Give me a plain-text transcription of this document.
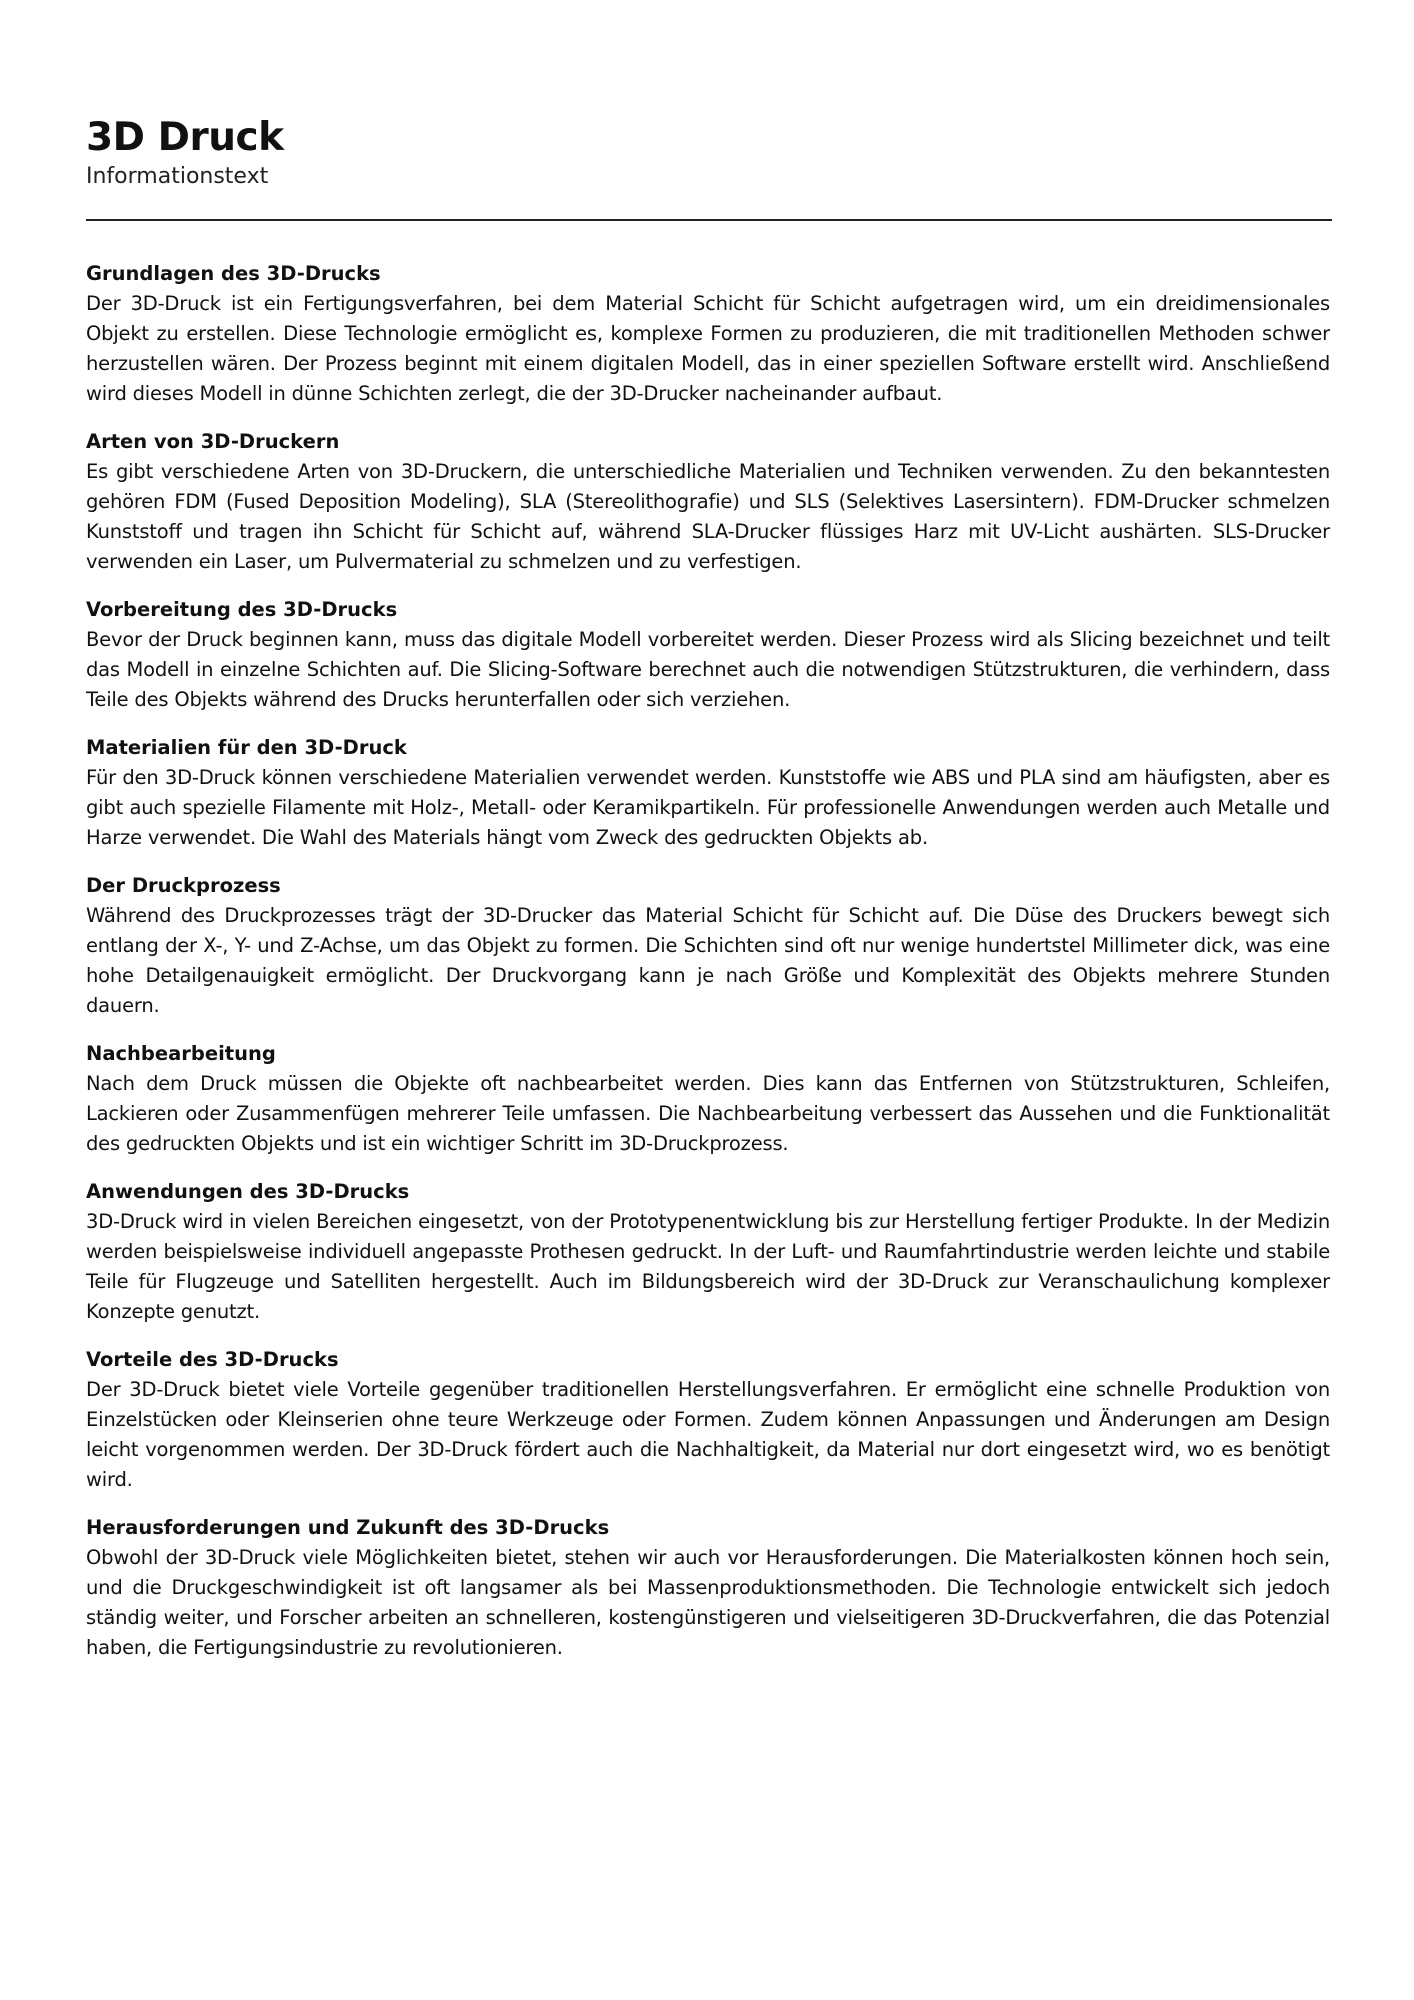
3D Druck
Informationstext
Grundlagen des 3D-Drucks

Der 3D-Druck ist ein Fertigungsverfahren, bei dem Material Schicht für Schicht aufgetragen wird, um ein dreidimensionales Objekt zu erstellen. Diese Technologie ermöglicht es, komplexe Formen zu produzieren, die mit traditionellen Methoden schwer herzustellen wären. Der Prozess beginnt mit einem digitalen Modell, das in einer speziellen Software erstellt wird. Anschließend wird dieses Modell in dünne Schichten zerlegt, die der 3D-Drucker nacheinander aufbaut.

Arten von 3D-Druckern

Es gibt verschiedene Arten von 3D-Druckern, die unterschiedliche Materialien und Techniken verwenden. Zu den bekanntesten gehören FDM (Fused Deposition Modeling), SLA (Stereolithografie) und SLS (Selektives Lasersintern). FDM-Drucker schmelzen Kunststoff und tragen ihn Schicht für Schicht auf, während SLA-Drucker flüssiges Harz mit UV-Licht aushärten. SLS-Drucker verwenden ein Laser, um Pulvermaterial zu schmelzen und zu verfestigen.

Vorbereitung des 3D-Drucks

Bevor der Druck beginnen kann, muss das digitale Modell vorbereitet werden. Dieser Prozess wird als Slicing bezeichnet und teilt das Modell in einzelne Schichten auf. Die Slicing-Software berechnet auch die notwendigen Stützstrukturen, die verhindern, dass Teile des Objekts während des Drucks herunterfallen oder sich verziehen.

Materialien für den 3D-Druck

Für den 3D-Druck können verschiedene Materialien verwendet werden. Kunststoffe wie ABS und PLA sind am häufigsten, aber es gibt auch spezielle Filamente mit Holz-, Metall- oder Keramikpartikeln. Für professionelle Anwendungen werden auch Metalle und Harze verwendet. Die Wahl des Materials hängt vom Zweck des gedruckten Objekts ab.

Der Druckprozess

Während des Druckprozesses trägt der 3D-Drucker das Material Schicht für Schicht auf. Die Düse des Druckers bewegt sich entlang der X-, Y- und Z-Achse, um das Objekt zu formen. Die Schichten sind oft nur wenige hundertstel Millimeter dick, was eine hohe Detailgenauigkeit ermöglicht. Der Druckvorgang kann je nach Größe und Komplexität des Objekts mehrere Stunden dauern.

Nachbearbeitung

Nach dem Druck müssen die Objekte oft nachbearbeitet werden. Dies kann das Entfernen von Stützstrukturen, Schleifen, Lackieren oder Zusammenfügen mehrerer Teile umfassen. Die Nachbearbeitung verbessert das Aussehen und die Funktionalität des gedruckten Objekts und ist ein wichtiger Schritt im 3D-Druckprozess.

Anwendungen des 3D-Drucks

3D-Druck wird in vielen Bereichen eingesetzt, von der Prototypenentwicklung bis zur Herstellung fertiger Produkte. In der Medizin werden beispielsweise individuell angepasste Prothesen gedruckt. In der Luft- und Raumfahrtindustrie werden leichte und stabile Teile für Flugzeuge und Satelliten hergestellt. Auch im Bildungsbereich wird der 3D-Druck zur Veranschaulichung komplexer Konzepte genutzt.

Vorteile des 3D-Drucks

Der 3D-Druck bietet viele Vorteile gegenüber traditionellen Herstellungsverfahren. Er ermöglicht eine schnelle Produktion von Einzelstücken oder Kleinserien ohne teure Werkzeuge oder Formen. Zudem können Anpassungen und Änderungen am Design leicht vorgenommen werden. Der 3D-Druck fördert auch die Nachhaltigkeit, da Material nur dort eingesetzt wird, wo es benötigt wird.

Herausforderungen und Zukunft des 3D-Drucks

Obwohl der 3D-Druck viele Möglichkeiten bietet, stehen wir auch vor Herausforderungen. Die Materialkosten können hoch sein, und die Druckgeschwindigkeit ist oft langsamer als bei Massenproduktionsmethoden. Die Technologie entwickelt sich jedoch ständig weiter, und Forscher arbeiten an schnelleren, kostengünstigeren und vielseitigeren 3D-Druckverfahren, die das Potenzial haben, die Fertigungsindustrie zu revolutionieren.
